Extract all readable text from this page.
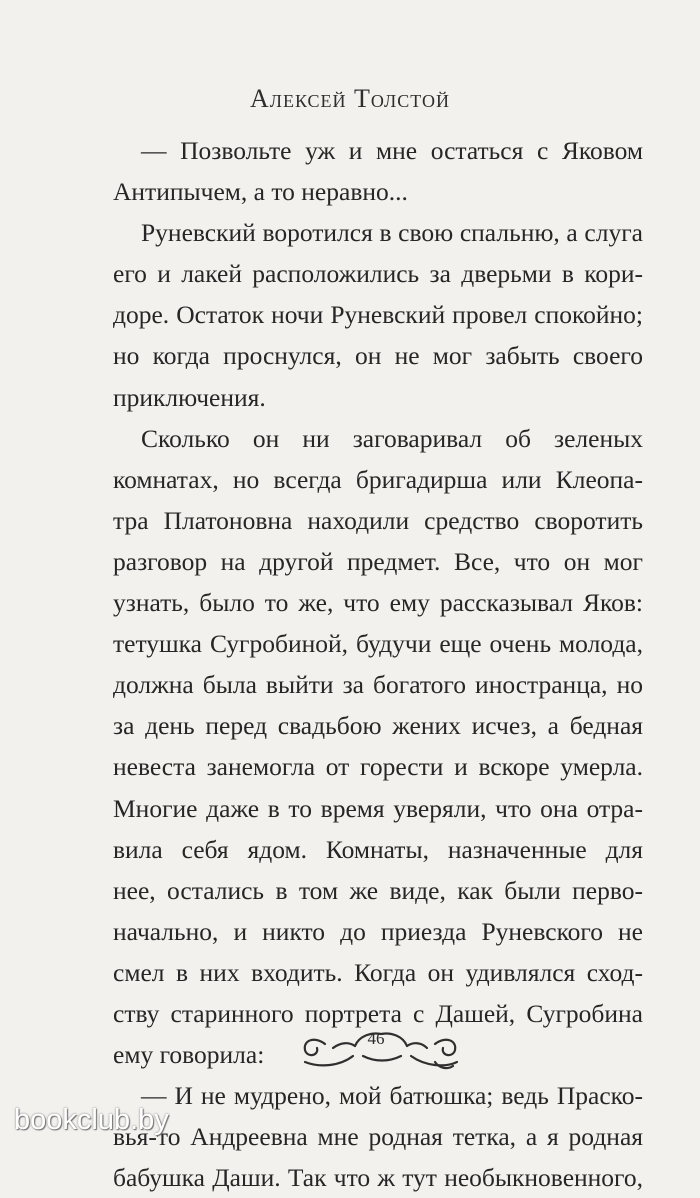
Алексей Толстой
— Позвольте уж и мне остаться с Яковом
Антипычем, а то неравно...
Руневский воротился в свою спальню, а слуга
его и лакей расположились за дверьми в кори-
доре. Остаток ночи Руневский провел спокойно;
но когда проснулся, он не мог забыть своего
приключения.
Сколько он ни заговаривал об зеленых
комнатах, но всегда бригадирша или Клеопа-
тра Платоновна находили средство своротить
разговор на другой предмет. Все, что он мог
узнать, было то же, что ему рассказывал Яков:
тетушка Сугробиной, будучи еще очень молода,
должна была выйти за богатого иностранца, но
за день перед свадьбою жених исчез, а бедная
невеста занемогла от горести и вскоре умерла.
Многие даже в то время уверяли, что она отра-
вила себя ядом. Комнаты, назначенные для
нее, остались в том же виде, как были перво-
начально, и никто до приезда Руневского не
смел в них входить. Когда он удивлялся сход-
ству старинного портрета с Дашей, Сугробина
ему говорила:
— И не мудрено, мой батюшка; ведь Праско-
вья-то Андреевна мне родная тетка, а я родная
бабушка Даши. Так что ж тут необыкновенного,
46
bookclub.by
